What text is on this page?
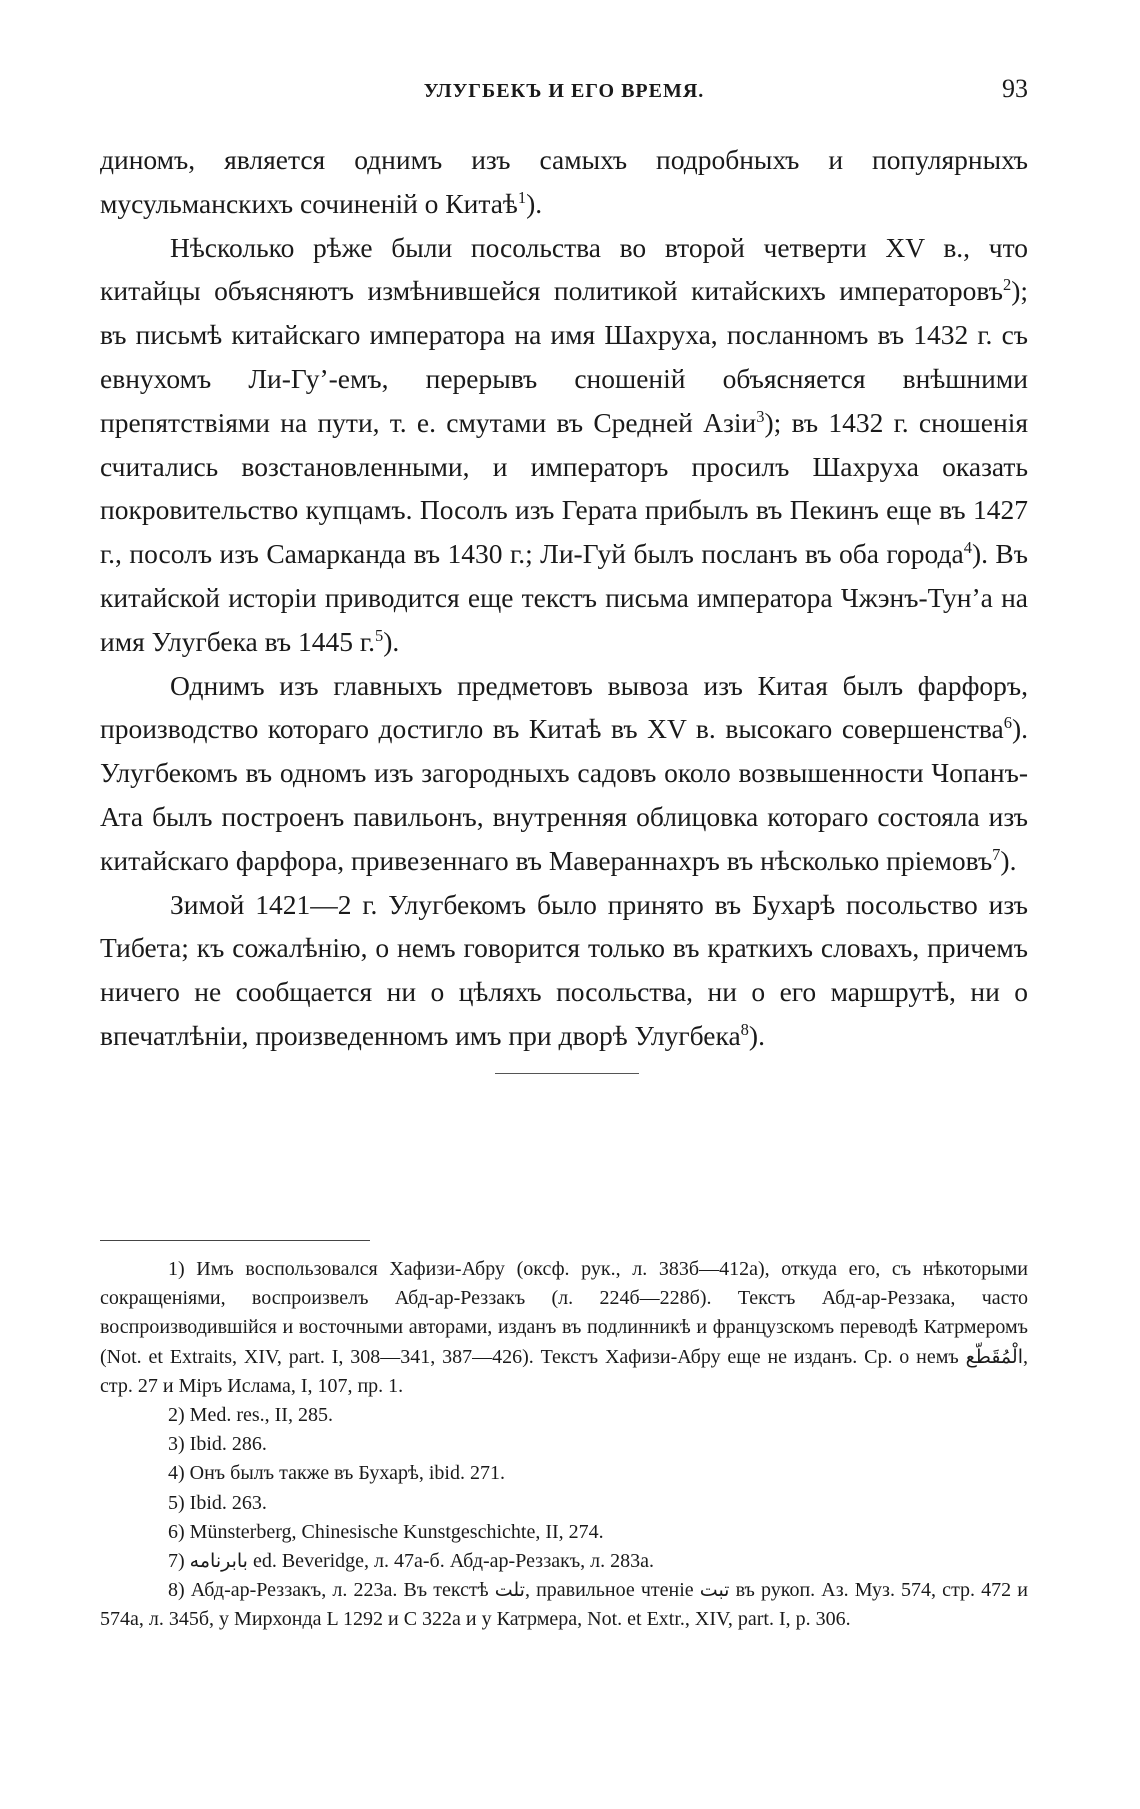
УЛУГБЕКЪ И ЕГО ВРЕМЯ.	93

диномъ, является однимъ изъ самыхъ подробныхъ и популярныхъ мусульманскихъ сочиненій о Китаѣ$^1$).

Нѣсколько рѣже были посольства во второй четверти XV в., что китайцы объясняютъ измѣнившейся политикой китайскихъ императоровъ$^2$); въ письмѣ китайскаго императора на имя Шахруха, посланномъ въ 1432 г. съ евнухомъ Ли-Гу’-емъ, перерывъ сношеній объясняется внѣшними препятствіями на пути, т. е. смутами въ Средней Азіи$^3$); въ 1432 г. сношенія считались возстановленными, и императоръ просилъ Шахруха оказать покровительство купцамъ. Посолъ изъ Герата прибылъ въ Пекинъ еще въ 1427 г., посолъ изъ Самарканда въ 1430 г.; Ли-Гуй былъ посланъ въ оба города$^4$). Въ китайской исторіи приводится еще текстъ письма императора Чжэнъ-Тун’а на имя Улугбека въ 1445 г.$^5$).

Однимъ изъ главныхъ предметовъ вывоза изъ Китая былъ фарфоръ, производство котораго достигло въ Китаѣ въ XV в. высокаго совершенства$^6$). Улугбекомъ въ одномъ изъ загородныхъ садовъ около возвышенности Чопанъ-Ата былъ построенъ павильонъ, внутренняя облицовка котораго состояла изъ китайскаго фарфора, привезеннаго въ Мавераннахръ въ нѣсколько пріемовъ$^7$).

Зимой 1421—2 г. Улугбекомъ было принято въ Бухарѣ посольство изъ Тибета; къ сожалѣнію, о немъ говорится только въ краткихъ словахъ, причемъ ничего не сообщается ни о цѣляхъ посольства, ни о его маршрутѣ, ни о впечатлѣніи, произведенномъ имъ при дворѣ Улугбека$^8$).

1) Имъ воспользовался Хафизи-Абру (оксф. рук., л. 383б—412а), откуда его, съ нѣкоторыми сокращеніями, воспроизвелъ Абд-ар-Реззакъ (л. 224б—228б). Текстъ Абд-ар-Реззака, часто воспроизводившійся и восточными авторами, изданъ въ подлинникѣ и французскомъ переводѣ Катрмеромъ (Not. et Extraits, XIV, part. I, 308—341, 387—426). Текстъ Хафизи-Абру еще не изданъ. Ср. о немъ الْمُقَطّع, стр. 27 и Міръ Ислама, I, 107, пр. 1.

2) Med. res., II, 285.

3) Ibid. 286.

4) Онъ былъ также въ Бухарѣ, ibid. 271.

5) Ibid. 263.

6) Münsterberg, Chinesische Kunstgeschichte, II, 274.

7) بابرنامه ed. Beveridge, л. 47а-б. Абд-ар-Реззакъ, л. 283а.

8) Абд-ар-Реззакъ, л. 223а. Въ текстѣ تلت, правильное чтеніе تبت въ рукоп. Аз. Муз. 574, стр. 472 и 574а, л. 345б, у Мирхонда L 1292 и C 322а и у Катрмера, Not. et Extr., XIV, part. I, p. 306.
